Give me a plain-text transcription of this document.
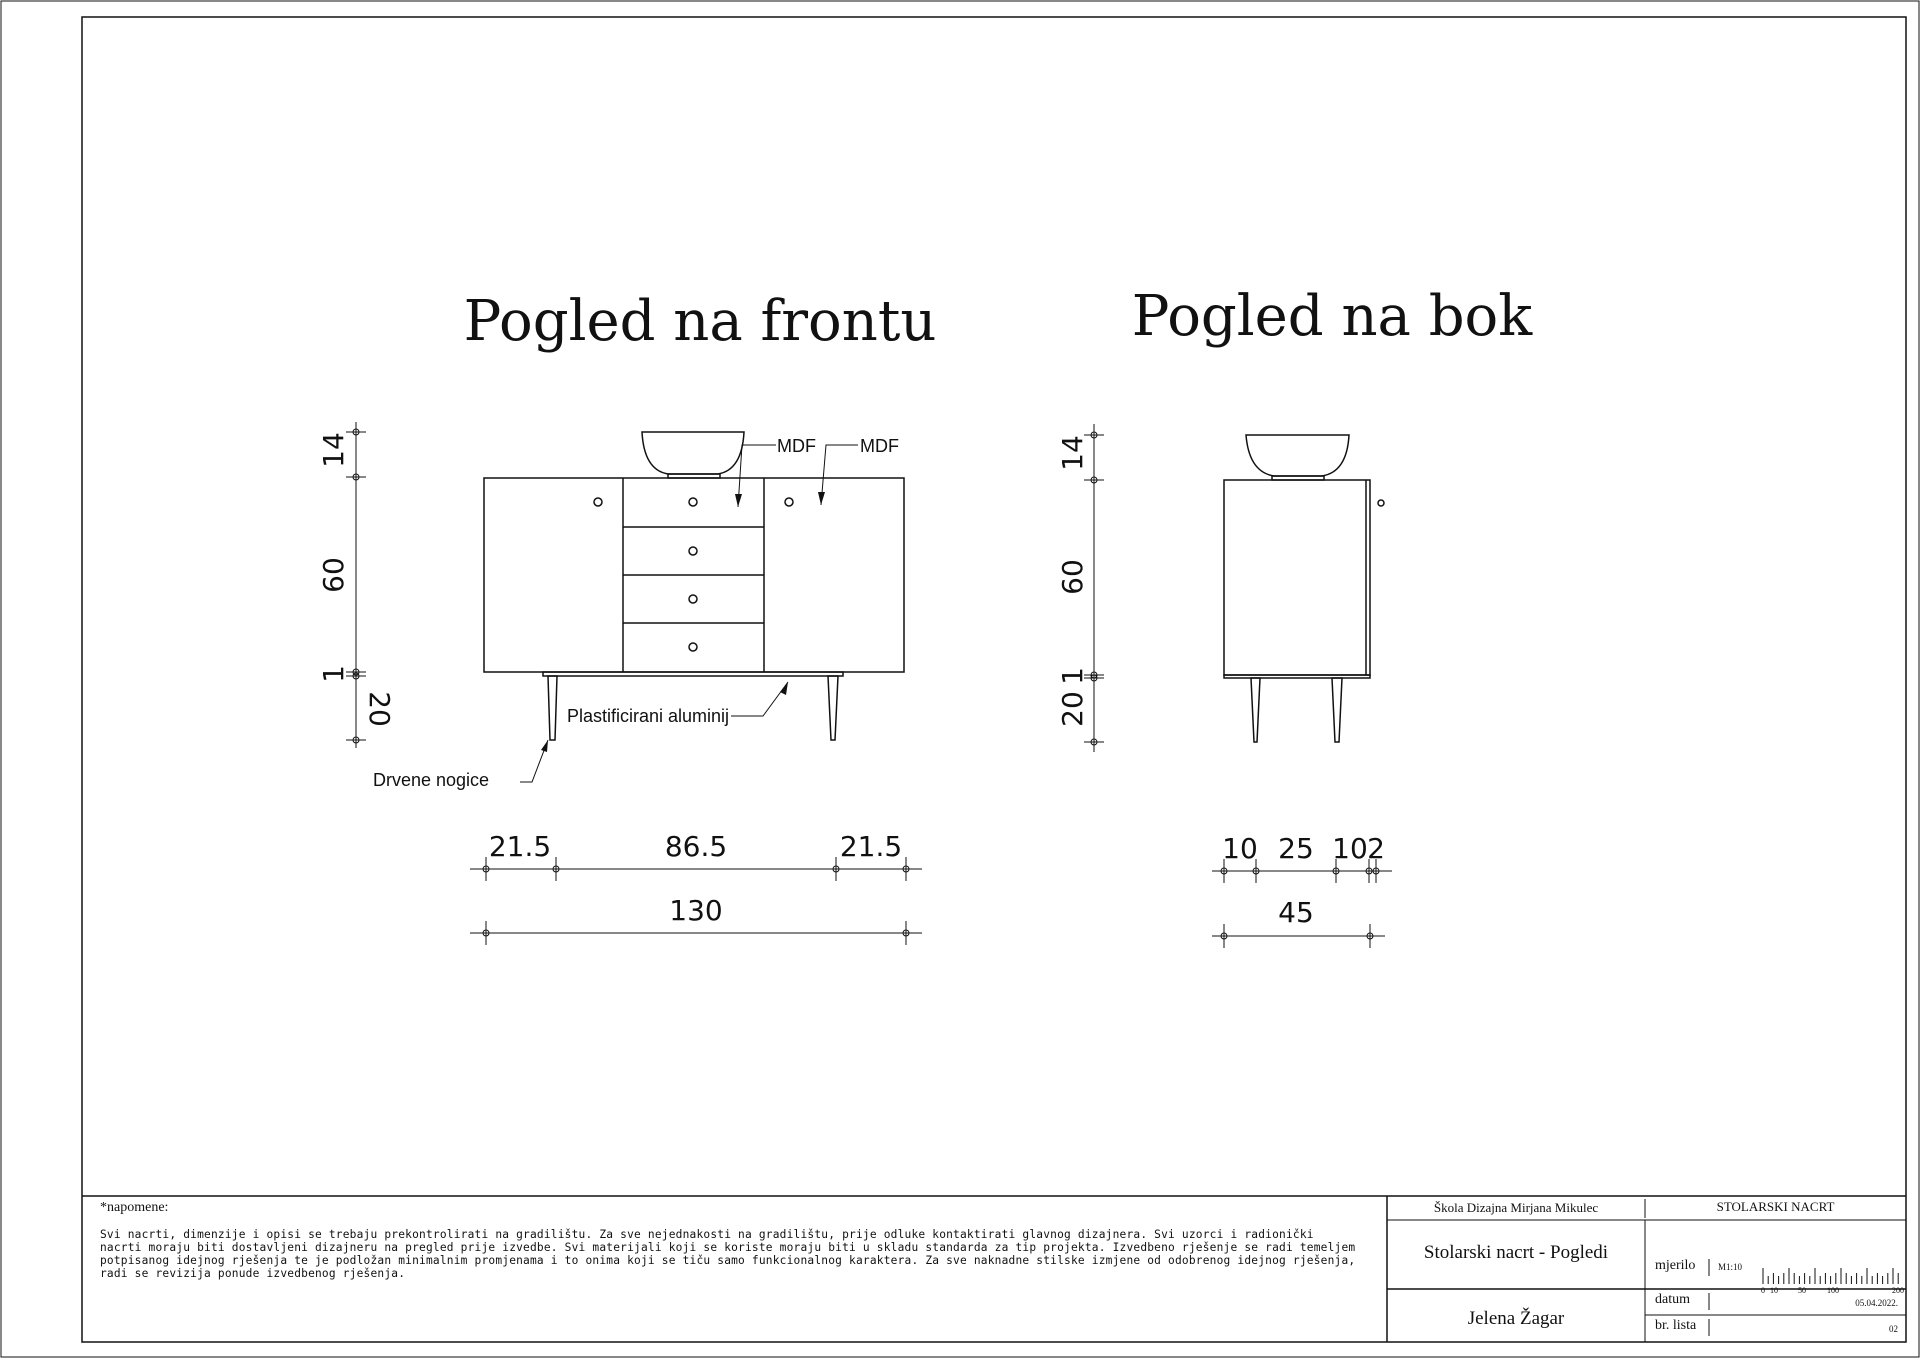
Pogled na frontu
MDF MDF
Plastificirani aluminij
Drvene nogice
14
60
1
20
21.5	86.5	21.5
130
Pogled na bok
14
60
1
20
10 25 10 2
45
0 10	50	100	200
*napomene:
Svi nacrti, dimenzije i opisi se trebaju prekontrolirati na gradilištu. Za sve nejednakosti na gradilištu, prije odluke kontaktirati glavnog dizajnera. Svi uzorci i radionički nacrti moraju biti dostavljeni dizajneru na pregled prije izvedbe. Svi materijali koji se koriste moraju biti u skladu standarda za tip projekta. Izvedbeno rješenje se radi temeljem potpisanog idejnog rješenja te je podložan minimalnim promjenama i to onima koji se tiču samo funkcionalnog karaktera. Za sve naknadne stilske izmjene od odobrenog idejnog rješenja, radi se revizija ponude izvedbenog rješenja.
Škola Dizajna Mirjana Mikulec	STOLARSKI NACRT
Stolarski nacrt - Pogledi
Jelena Žagar
mjerilo	M1:10
datum	05.04.2022.
br. lista	02
